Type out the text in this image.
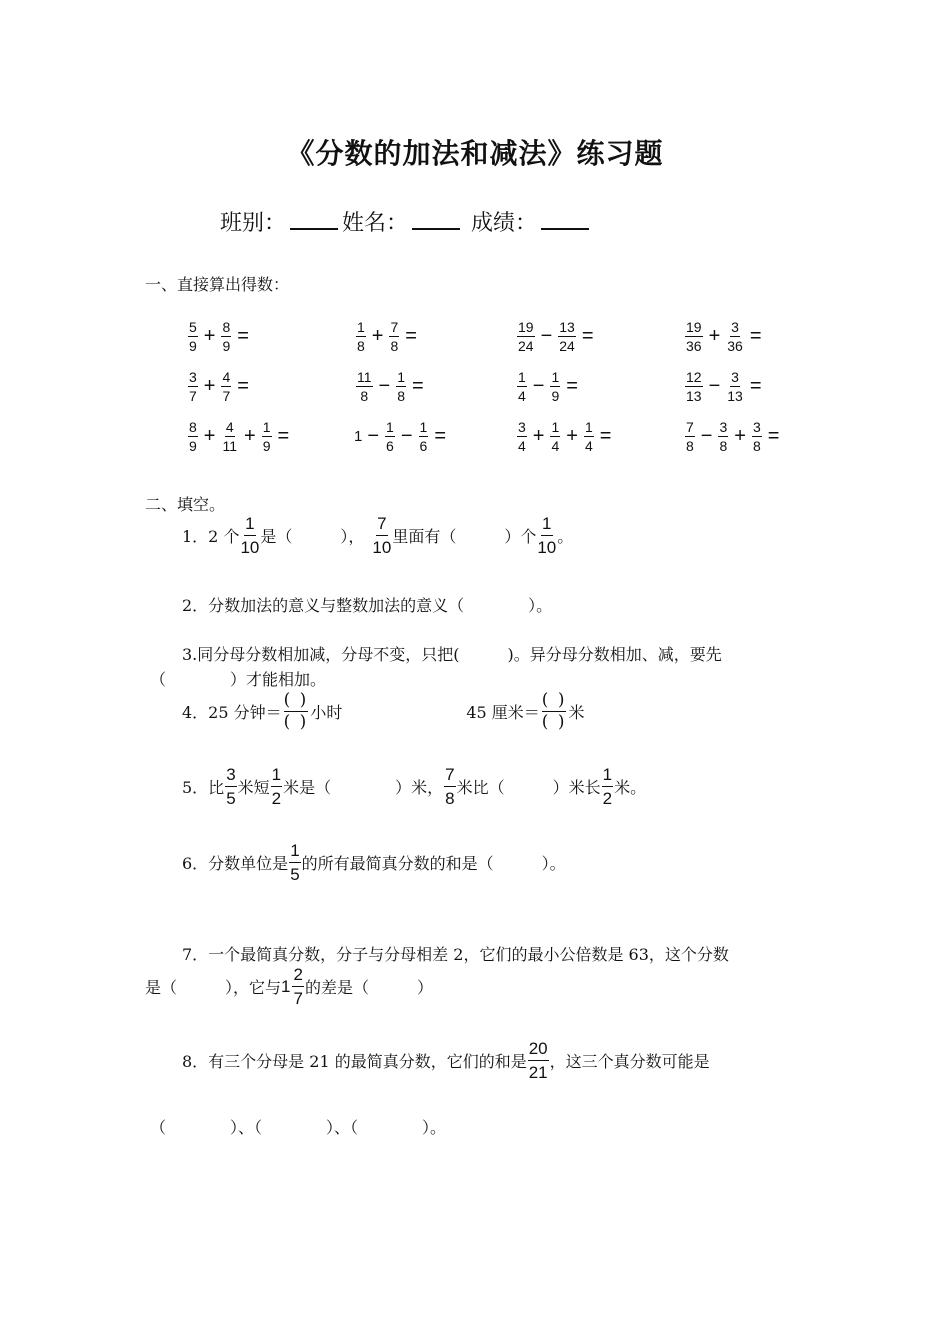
《分数的加法和减法》练习题
班别：	姓名：	成绩：
一、直接算出得数：
$\frac{5}{9} + \frac{8}{9}$ =	$\frac{1}{8} + \frac{7}{8}$ =	$\frac{19}{24} - \frac{13}{24}$ =	$\frac{19}{36} + \frac{3}{36}$ =
$\frac{3}{7} + \frac{4}{7}$ =	$\frac{11}{8} - \frac{1}{8}$ =	$\frac{1}{4} - \frac{1}{9}$ =	$\frac{12}{13} - \frac{3}{13}$ =
$\frac{8}{9} + \frac{4}{11} + \frac{1}{9}$ =	$1 - \frac{1}{6} - \frac{1}{6}$ =	$\frac{3}{4} + \frac{1}{4} + \frac{1}{4}$ =	$\frac{7}{8} - \frac{3}{8} + \frac{3}{8}$ =
二、填空。
1．2 个
1
10
是（　　　），
7
10
里面有（　　　）个
1
10
。
2．分数加法的意义与整数加法的意义（　　　　）。
3.同分母分数相加减，分母不变，只把(　　　)。异分母分数相加、减，要先
（　　　　）才能相加。
4．25 分钟＝
( )
( ) 小时	45 厘米＝
( )
( ) 米
5．比
3
5
米短
1
2
米是（　　　　）米，
7
8
米比（　　　）米长
1
2
米。
6．分数单位是
1
5
的所有最简真分数的和是（　　　）。
7．一个最简真分数，分子与分母相差 2，它们的最小公倍数是 63，这个分数
是（　　　），它与 1
2
7
的差是（　　　）
8．有三个分母是 21 的最简真分数，它们的和是
20
21
，这三个真分数可能是
（　　　　）、（　　　　）、（　　　　）。
